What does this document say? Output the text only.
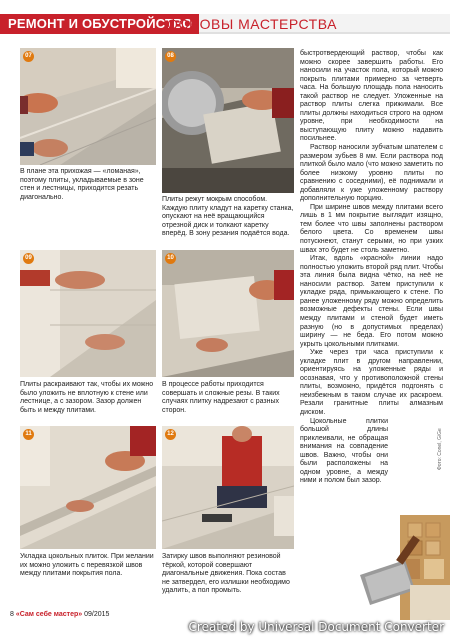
РЕМОНТ И ОБУСТРОЙСТВО
ОСНОВЫ МАСТЕРСТВА
07
В плане эта прихожая — «ломаная», поэтому плиты, укладываемые в зоне стен и лестницы, приходится резать диагонально.
08
Плиты режут мокрым способом. Каждую плиту кладут на каретку станка, опускают на неё вращающийся отрезной диск и толкают каретку вперёд. В зону резания подаётся вода.
09
Плиты раскраивают так, чтобы их можно было уложить не вплотную к стене или лестнице, а с зазором. Зазор должен быть и между плитами.
10
В процессе работы приходится совершать и сложные резы. В таких случаях плитку надрезают с разных сторон.
11
Укладка цокольных плиток. При желании их можно уложить с перевязкой швов между плитами покрытия пола.
12
Затирку швов выполняют резиновой тёркой, которой совершают диагональные движения. Пока состав не затвердел, его излишки необходимо удалить, а пол промыть.

быстротвердеющий раствор, чтобы как можно скорее завершить работы. Его наносили на участок пола, который можно покрыть плитами примерно за четверть часа. На большую площадь пола наносить такой раствор не следует. Уложенные на раствор плиты слегка прижимали. Все плиты должны находиться строго на одном уровне, при необходимости на выступающую плиту можно надавить посильнее.

Раствор наносили зубчатым шпателем с размером зубьев 8 мм. Если раствора под плиткой было мало (что можно заметить по более низкому уровню плиты по сравнению с соседними), её поднимали и добавляли к уже уложенному раствору дополнительную порцию.

При ширине швов между плитами всего лишь в 1 мм покрытие выглядит изящно, тем более что швы заполнены раствором белого цвета. Со временем швы потускнеют, станут серыми, но при узких швах это будет не столь заметно.

Итак, вдоль «красной» линии надо полностью уложить второй ряд плит. Чтобы эта линия была видна чётко, на неё не наносили раствор. Затем приступили к укладке ряда, примыкающего к стене. По ранее уложенному ряду можно определить возможные дефекты стены. Если швы между плитами и стеной будет иметь разную (но в допустимых пределах) ширину — не беда. Его потом можно укрыть цокольными плитками.

Уже через три часа приступили к укладке плит в другом направлении, ориентируясь на уложенные ряды и осознавая, что у противоположной стены плиты, возможно, придётся подгонять с неизбежным в таком случае их раскроем. Резали гранитные плиты алмазным диском.

Цокольные плитки большой длины приклеивали, не обращая внимания на совпадение швов. Важно, чтобы они были расположены на одном уровне, а между ними и полом был зазор.

Фото: Conel, GiGe
8 «Сам себе мастер» 09/2015
Created by Universal Document Converter
